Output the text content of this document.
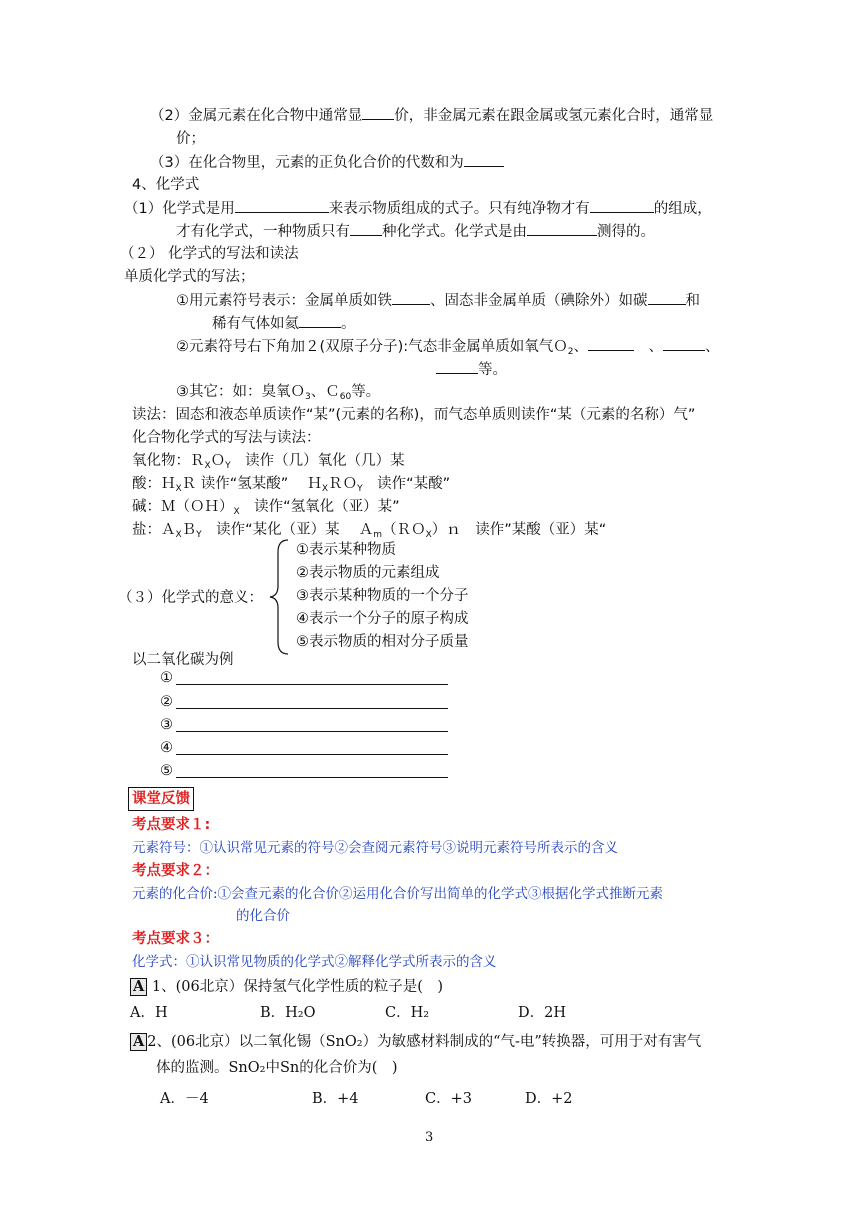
（2）金属元素在化合物中通常显 价，非金属元素在跟金属或氢元素化合时，通常显
价；
（3）在化合物里，元素的正负化合价的代数和为
4、化学式
（1）化学式是用	来表示物质组成的式子。只有纯净物才有	的组成，
才有化学式，一种物质只有 种化学式。化学式是由	测得的。
（２） 化学式的写法和读法
单质化学式的写法；
①用元素符号表示：金属单质如铁	、固态非金属单质（碘除外）如碳	和
稀有气体如氦	。
②元素符号右下角加２(双原子分子):气态非金属单质如氧气Ｏ$_2$、　	、	、
等。
③其它：如：臭氧Ｏ$_3$、Ｃ$_{60}$等。
读法：固态和液态单质读作“某”(元素的名称)，而气态单质则读作“某（元素的名称）气”
化合物化学式的写法与读法：
氧化物：Ｒ$_X$Ｏ$_Y$　读作（几）氧化（几）某
酸：Ｈ$_X$Ｒ 读作“氢某酸”　 Ｈ$_X$ＲＯ$_Y$　读作“某酸”
碱：$M(OH)_X$　读作“氢氧化（亚）某”
盐：Ａ$_X$Ｂ$_Y$　读作“某化（亚）某　 Ａ$_m$（ＲＯ$_X$）ｎ　读作”某酸（亚）某“
（３）化学式的意义：
①表示某种物质
②表示物质的元素组成
③表示某种物质的一个分子
④表示一个分子的原子构成
⑤表示物质的相对分子质量
以二氧化碳为例
①
②
③
④
⑤
课堂反馈
考点要求１:
元素符号：①认识常见元素的符号②会查阅元素符号③说明元素符号所表示的含义
考点要求２：
元素的化合价:①会查元素的化合价②运用化合价写出简单的化学式③根据化学式推断元素
的化合价
考点要求３：
化学式：①认识常见物质的化学式②解释化学式所表示的含义
A 1、(06北京）保持氢气化学性质的粒子是(　)
A．H	B．H₂O	C．H₂	D．2H
A 2、(06北京）以二氧化锡（SnO₂）为敏感材料制成的“气-电”转换器，可用于对有害气
体的监测。SnO₂中Sn的化合价为(　)
A．－4	B．+4	C．+3	D．+2
3
